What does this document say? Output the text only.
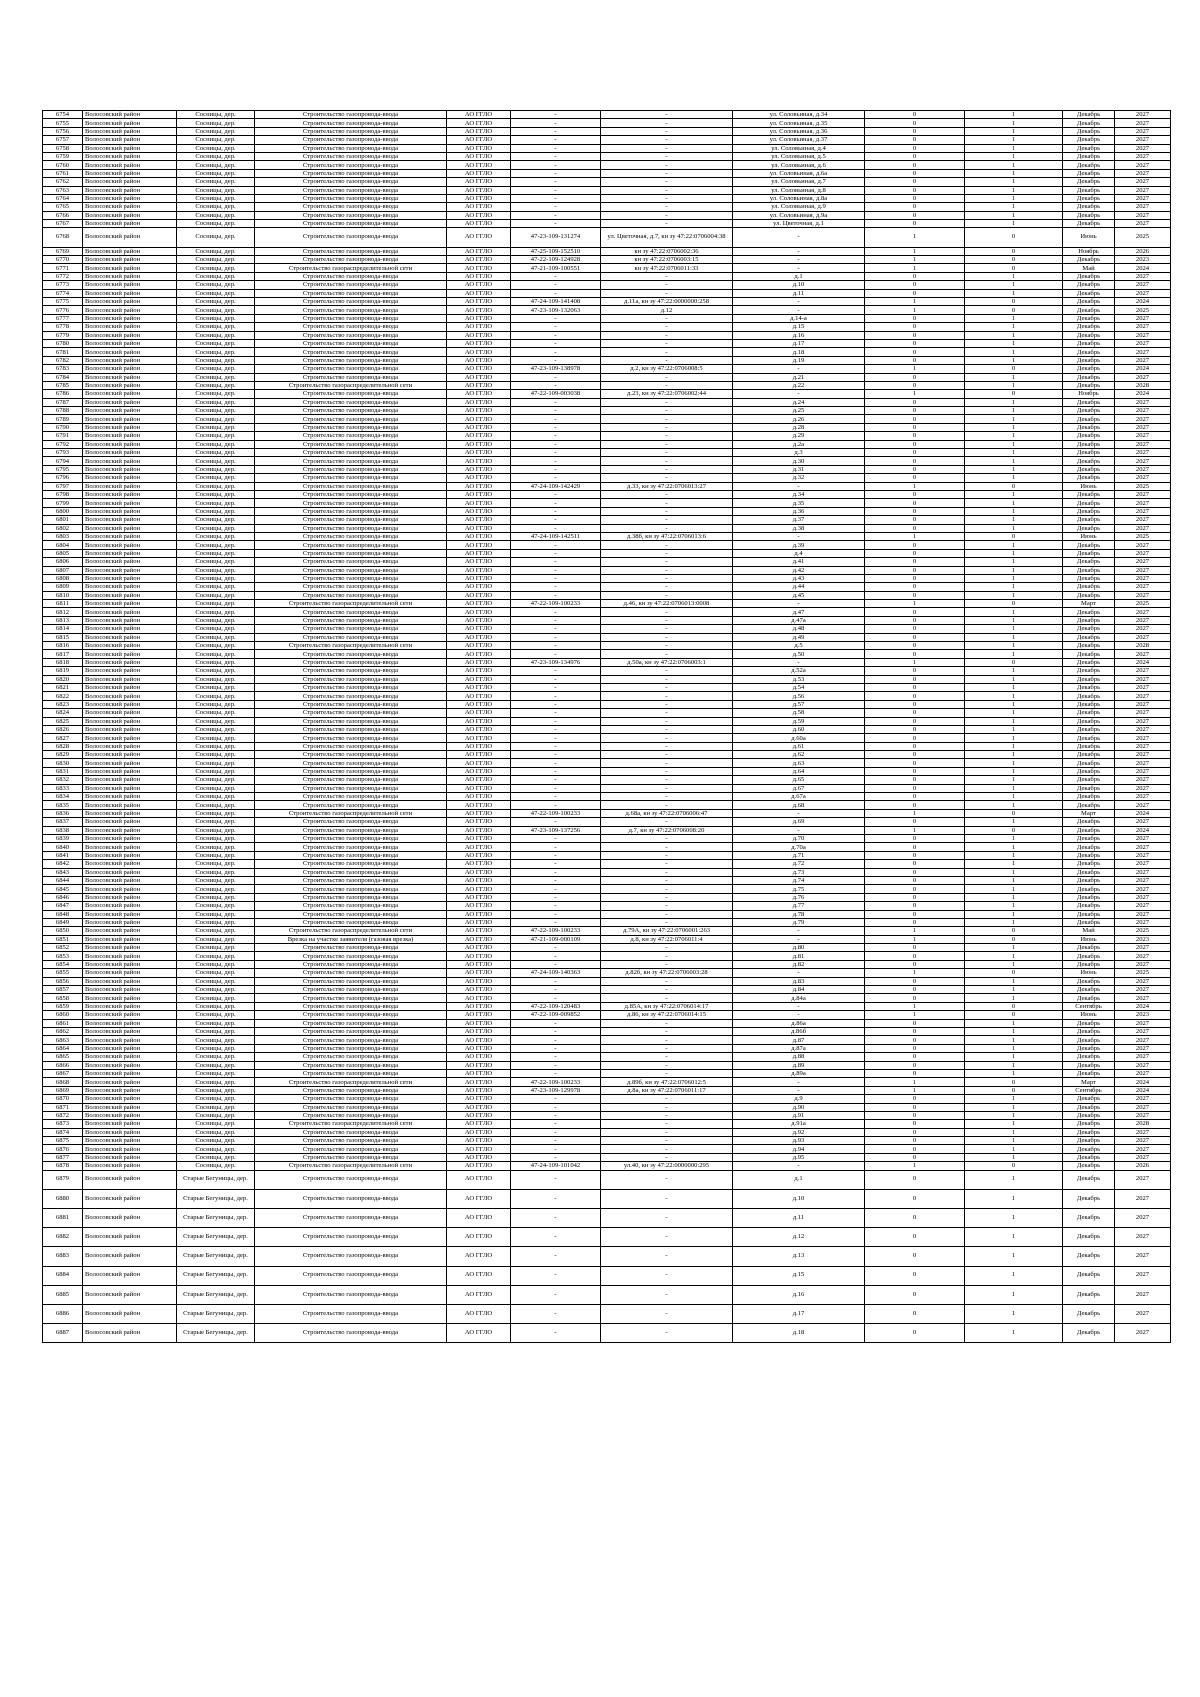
6754	Волосовский район	Сосницы, дер.	Строительство газопровода-ввода	АО ГГЛО	-	-	ул. Соловьиная, д.34	0	1	Декабрь	2027
6755	Волосовский район	Сосницы, дер.	Строительство газопровода-ввода	АО ГГЛО	-	-	ул. Соловьиная, д.35	0	1	Декабрь	2027
6756	Волосовский район	Сосницы, дер.	Строительство газопровода-ввода	АО ГГЛО	-	-	ул. Соловьиная, д.36	0	1	Декабрь	2027
6757	Волосовский район	Сосницы, дер.	Строительство газопровода-ввода	АО ГГЛО	-	-	ул. Соловьиная, д.37	0	1	Декабрь	2027
6758	Волосовский район	Сосницы, дер.	Строительство газопровода-ввода	АО ГГЛО	-	-	ул. Соловьиная, д.4	0	1	Декабрь	2027
6759	Волосовский район	Сосницы, дер.	Строительство газопровода-ввода	АО ГГЛО	-	-	ул. Соловьиная, д.5	0	1	Декабрь	2027
6760	Волосовский район	Сосницы, дер.	Строительство газопровода-ввода	АО ГГЛО	-	-	ул. Соловьиная, д.6	0	1	Декабрь	2027
6761	Волосовский район	Сосницы, дер.	Строительство газопровода-ввода	АО ГГЛО	-	-	ул. Соловьиная, д.6а	0	1	Декабрь	2027
6762	Волосовский район	Сосницы, дер.	Строительство газопровода-ввода	АО ГГЛО	-	-	ул. Соловьиная, д.7	0	1	Декабрь	2027
6763	Волосовский район	Сосницы, дер.	Строительство газопровода-ввода	АО ГГЛО	-	-	ул. Соловьиная, д.8	0	1	Декабрь	2027
6764	Волосовский район	Сосницы, дер.	Строительство газопровода-ввода	АО ГГЛО	-	-	ул. Соловьиная, д.8а	0	1	Декабрь	2027
6765	Волосовский район	Сосницы, дер.	Строительство газопровода-ввода	АО ГГЛО	-	-	ул. Соловьиная, д.9	0	1	Декабрь	2027
6766	Волосовский район	Сосницы, дер.	Строительство газопровода-ввода	АО ГГЛО	-	-	ул. Соловьиная, д.9а	0	1	Декабрь	2027
6767	Волосовский район	Сосницы, дер.	Строительство газопровода-ввода	АО ГГЛО	-	-	ул. Цветочная, д.1	0	1	Декабрь	2027
6768	Волосовский район	Сосницы, дер.	Строительство газопровода-ввода	АО ГГЛО	47-23-109-131274	ул. Цветочная, д.7, кн зу 47:22:0706004:38	-	1	0	Июнь	2025
6769	Волосовский район	Сосницы, дер.	Строительство газопровода-ввода	АО ГГЛО	47-25-109-152510	кн зу 47:22:0706002:36	-	1	0	Ноябрь	2026
6770	Волосовский район	Сосницы, дер.	Строительство газопровода-ввода	АО ГГЛО	47-22-109-124928	кн зу 47:22:0706003:15	-	1	0	Декабрь	2023
6771	Волосовский район	Сосницы, дер.	Строительство газораспределительной сети	АО ГГЛО	47-21-109-100551	кн зу 47:22:0706011:33	-	1	0	Май	2024
6772	Волосовский район	Сосницы, дер.	Строительство газопровода-ввода	АО ГГЛО	-	-	д.1	0	1	Декабрь	2027
6773	Волосовский район	Сосницы, дер.	Строительство газопровода-ввода	АО ГГЛО	-	-	д.10	0	1	Декабрь	2027
6774	Волосовский район	Сосницы, дер.	Строительство газопровода-ввода	АО ГГЛО	-	-	д.11	0	1	Декабрь	2027
6775	Волосовский район	Сосницы, дер.	Строительство газопровода-ввода	АО ГГЛО	47-24-109-141408	д.11а, кн зу 47:22:0000000:258	-	1	0	Декабрь	2024
6776	Волосовский район	Сосницы, дер.	Строительство газопровода-ввода	АО ГГЛО	47-23-109-132063	д.12	-	1	0	Декабрь	2025
6777	Волосовский район	Сосницы, дер.	Строительство газопровода-ввода	АО ГГЛО	-	-	д.14-а	0	1	Декабрь	2027
6778	Волосовский район	Сосницы, дер.	Строительство газопровода-ввода	АО ГГЛО	-	-	д.15	0	1	Декабрь	2027
6779	Волосовский район	Сосницы, дер.	Строительство газопровода-ввода	АО ГГЛО	-	-	д.16	0	1	Декабрь	2027
6780	Волосовский район	Сосницы, дер.	Строительство газопровода-ввода	АО ГГЛО	-	-	д.17	0	1	Декабрь	2027
6781	Волосовский район	Сосницы, дер.	Строительство газопровода-ввода	АО ГГЛО	-	-	д.18	0	1	Декабрь	2027
6782	Волосовский район	Сосницы, дер.	Строительство газопровода-ввода	АО ГГЛО	-	-	д.19	0	1	Декабрь	2027
6783	Волосовский район	Сосницы, дер.	Строительство газопровода-ввода	АО ГГЛО	47-23-109-138978	д.2, кн зу 47:22:0706008:5	-	1	0	Декабрь	2024
6784	Волосовский район	Сосницы, дер.	Строительство газопровода-ввода	АО ГГЛО	-	-	д.21	0	1	Декабрь	2027
6785	Волосовский район	Сосницы, дер.	Строительство газораспределительной сети	АО ГГЛО	-	-	д.22	0	1	Декабрь	2028
6786	Волосовский район	Сосницы, дер.	Строительство газопровода-ввода	АО ГГЛО	47-22-109-003038	д.23, кн зу 47:22:0706002:44	-	1	0	Ноябрь	2024
6787	Волосовский район	Сосницы, дер.	Строительство газопровода-ввода	АО ГГЛО	-	-	д.24	0	1	Декабрь	2027
6788	Волосовский район	Сосницы, дер.	Строительство газопровода-ввода	АО ГГЛО	-	-	д.25	0	1	Декабрь	2027
6789	Волосовский район	Сосницы, дер.	Строительство газопровода-ввода	АО ГГЛО	-	-	д.26	0	1	Декабрь	2027
6790	Волосовский район	Сосницы, дер.	Строительство газопровода-ввода	АО ГГЛО	-	-	д.28	0	1	Декабрь	2027
6791	Волосовский район	Сосницы, дер.	Строительство газопровода-ввода	АО ГГЛО	-	-	д.29	0	1	Декабрь	2027
6792	Волосовский район	Сосницы, дер.	Строительство газопровода-ввода	АО ГГЛО	-	-	д.2а	0	1	Декабрь	2027
6793	Волосовский район	Сосницы, дер.	Строительство газопровода-ввода	АО ГГЛО	-	-	д.3	0	1	Декабрь	2027
6794	Волосовский район	Сосницы, дер.	Строительство газопровода-ввода	АО ГГЛО	-	-	д.30	0	1	Декабрь	2027
6795	Волосовский район	Сосницы, дер.	Строительство газопровода-ввода	АО ГГЛО	-	-	д.31	0	1	Декабрь	2027
6796	Волосовский район	Сосницы, дер.	Строительство газопровода-ввода	АО ГГЛО	-	-	д.32	0	1	Декабрь	2027
6797	Волосовский район	Сосницы, дер.	Строительство газопровода-ввода	АО ГГЛО	47-24-109-142429	д.33, кн зу 47:22:0706013:27	-	1	0	Июнь	2025
6798	Волосовский район	Сосницы, дер.	Строительство газопровода-ввода	АО ГГЛО	-	-	д.34	0	1	Декабрь	2027
6799	Волосовский район	Сосницы, дер.	Строительство газопровода-ввода	АО ГГЛО	-	-	д.35	0	1	Декабрь	2027
6800	Волосовский район	Сосницы, дер.	Строительство газопровода-ввода	АО ГГЛО	-	-	д.36	0	1	Декабрь	2027
6801	Волосовский район	Сосницы, дер.	Строительство газопровода-ввода	АО ГГЛО	-	-	д.37	0	1	Декабрь	2027
6802	Волосовский район	Сосницы, дер.	Строительство газопровода-ввода	АО ГГЛО	-	-	д.38	0	1	Декабрь	2027
6803	Волосовский район	Сосницы, дер.	Строительство газопровода-ввода	АО ГГЛО	47-24-109-142511	д.38б, кн зу 47:22:0706013:6	-	1	0	Июнь	2025
6804	Волосовский район	Сосницы, дер.	Строительство газопровода-ввода	АО ГГЛО	-	-	д.39	0	1	Декабрь	2027
6805	Волосовский район	Сосницы, дер.	Строительство газопровода-ввода	АО ГГЛО	-	-	д.4	0	1	Декабрь	2027
6806	Волосовский район	Сосницы, дер.	Строительство газопровода-ввода	АО ГГЛО	-	-	д.41	0	1	Декабрь	2027
6807	Волосовский район	Сосницы, дер.	Строительство газопровода-ввода	АО ГГЛО	-	-	д.42	0	1	Декабрь	2027
6808	Волосовский район	Сосницы, дер.	Строительство газопровода-ввода	АО ГГЛО	-	-	д.43	0	1	Декабрь	2027
6809	Волосовский район	Сосницы, дер.	Строительство газопровода-ввода	АО ГГЛО	-	-	д.44	0	1	Декабрь	2027
6810	Волосовский район	Сосницы, дер.	Строительство газопровода-ввода	АО ГГЛО	-	-	д.45	0	1	Декабрь	2027
6811	Волосовский район	Сосницы, дер.	Строительство газораспределительной сети	АО ГГЛО	47-22-109-100233	д.46, кн зу 47:22:0706013:0008	-	1	0	Март	2025
6812	Волосовский район	Сосницы, дер.	Строительство газопровода-ввода	АО ГГЛО	-	-	д.47	0	1	Декабрь	2027
6813	Волосовский район	Сосницы, дер.	Строительство газопровода-ввода	АО ГГЛО	-	-	д.47а	0	1	Декабрь	2027
6814	Волосовский район	Сосницы, дер.	Строительство газопровода-ввода	АО ГГЛО	-	-	д.48	0	1	Декабрь	2027
6815	Волосовский район	Сосницы, дер.	Строительство газопровода-ввода	АО ГГЛО	-	-	д.49	0	1	Декабрь	2027
6816	Волосовский район	Сосницы, дер.	Строительство газораспределительной сети	АО ГГЛО	-	-	д.5	0	1	Декабрь	2028
6817	Волосовский район	Сосницы, дер.	Строительство газопровода-ввода	АО ГГЛО	-	-	д.50	0	1	Декабрь	2027
6818	Волосовский район	Сосницы, дер.	Строительство газопровода-ввода	АО ГГЛО	47-23-109-134976	д.50а, кн зу 47:22:0706003:1	-	1	0	Декабрь	2024
6819	Волосовский район	Сосницы, дер.	Строительство газопровода-ввода	АО ГГЛО	-	-	д.52а	0	1	Декабрь	2027
6820	Волосовский район	Сосницы, дер.	Строительство газопровода-ввода	АО ГГЛО	-	-	д.53	0	1	Декабрь	2027
6821	Волосовский район	Сосницы, дер.	Строительство газопровода-ввода	АО ГГЛО	-	-	д.54	0	1	Декабрь	2027
6822	Волосовский район	Сосницы, дер.	Строительство газопровода-ввода	АО ГГЛО	-	-	д.56	0	1	Декабрь	2027
6823	Волосовский район	Сосницы, дер.	Строительство газопровода-ввода	АО ГГЛО	-	-	д.57	0	1	Декабрь	2027
6824	Волосовский район	Сосницы, дер.	Строительство газопровода-ввода	АО ГГЛО	-	-	д.58	0	1	Декабрь	2027
6825	Волосовский район	Сосницы, дер.	Строительство газопровода-ввода	АО ГГЛО	-	-	д.59	0	1	Декабрь	2027
6826	Волосовский район	Сосницы, дер.	Строительство газопровода-ввода	АО ГГЛО	-	-	д.60	0	1	Декабрь	2027
6827	Волосовский район	Сосницы, дер.	Строительство газопровода-ввода	АО ГГЛО	-	-	д.60а	0	1	Декабрь	2027
6828	Волосовский район	Сосницы, дер.	Строительство газопровода-ввода	АО ГГЛО	-	-	д.61	0	1	Декабрь	2027
6829	Волосовский район	Сосницы, дер.	Строительство газопровода-ввода	АО ГГЛО	-	-	д.62	0	1	Декабрь	2027
6830	Волосовский район	Сосницы, дер.	Строительство газопровода-ввода	АО ГГЛО	-	-	д.63	0	1	Декабрь	2027
6831	Волосовский район	Сосницы, дер.	Строительство газопровода-ввода	АО ГГЛО	-	-	д.64	0	1	Декабрь	2027
6832	Волосовский район	Сосницы, дер.	Строительство газопровода-ввода	АО ГГЛО	-	-	д.65	0	1	Декабрь	2027
6833	Волосовский район	Сосницы, дер.	Строительство газопровода-ввода	АО ГГЛО	-	-	д.67	0	1	Декабрь	2027
6834	Волосовский район	Сосницы, дер.	Строительство газопровода-ввода	АО ГГЛО	-	-	д.67а	0	1	Декабрь	2027
6835	Волосовский район	Сосницы, дер.	Строительство газопровода-ввода	АО ГГЛО	-	-	д.68	0	1	Декабрь	2027
6836	Волосовский район	Сосницы, дер.	Строительство газораспределительной сети	АО ГГЛО	47-22-109-100233	д.68а, кн зу 47:22:0706006:47	-	1	0	Март	2024
6837	Волосовский район	Сосницы, дер.	Строительство газопровода-ввода	АО ГГЛО	-	-	д.69	0	1	Декабрь	2027
6838	Волосовский район	Сосницы, дер.	Строительство газопровода-ввода	АО ГГЛО	47-23-109-137256	д.7, кн зу 47:22:0706008:20	-	1	0	Декабрь	2024
6839	Волосовский район	Сосницы, дер.	Строительство газопровода-ввода	АО ГГЛО	-	-	д.70	0	1	Декабрь	2027
6840	Волосовский район	Сосницы, дер.	Строительство газопровода-ввода	АО ГГЛО	-	-	д.70а	0	1	Декабрь	2027
6841	Волосовский район	Сосницы, дер.	Строительство газопровода-ввода	АО ГГЛО	-	-	д.71	0	1	Декабрь	2027
6842	Волосовский район	Сосницы, дер.	Строительство газопровода-ввода	АО ГГЛО	-	-	д.72	0	1	Декабрь	2027
6843	Волосовский район	Сосницы, дер.	Строительство газопровода-ввода	АО ГГЛО	-	-	д.73	0	1	Декабрь	2027
6844	Волосовский район	Сосницы, дер.	Строительство газопровода-ввода	АО ГГЛО	-	-	д.74	0	1	Декабрь	2027
6845	Волосовский район	Сосницы, дер.	Строительство газопровода-ввода	АО ГГЛО	-	-	д.75	0	1	Декабрь	2027
6846	Волосовский район	Сосницы, дер.	Строительство газопровода-ввода	АО ГГЛО	-	-	д.76	0	1	Декабрь	2027
6847	Волосовский район	Сосницы, дер.	Строительство газопровода-ввода	АО ГГЛО	-	-	д.77	0	1	Декабрь	2027
6848	Волосовский район	Сосницы, дер.	Строительство газопровода-ввода	АО ГГЛО	-	-	д.78	0	1	Декабрь	2027
6849	Волосовский район	Сосницы, дер.	Строительство газопровода-ввода	АО ГГЛО	-	-	д.79	0	1	Декабрь	2027
6850	Волосовский район	Сосницы, дер.	Строительство газораспределительной сети	АО ГГЛО	47-22-109-100233	д.79А, кн зу 47:22:0706001:263	-	1	0	Май	2025
6851	Волосовский район	Сосницы, дер.	Врезка на участке заявителя (газовая врезка)	АО ГГЛО	47-21-109-000109	д.8, кн зу 47:22:0706011:4	-	1	0	Июнь	2023
6852	Волосовский район	Сосницы, дер.	Строительство газопровода-ввода	АО ГГЛО	-	-	д.80	0	1	Декабрь	2027
6853	Волосовский район	Сосницы, дер.	Строительство газопровода-ввода	АО ГГЛО	-	-	д.81	0	1	Декабрь	2027
6854	Волосовский район	Сосницы, дер.	Строительство газопровода-ввода	АО ГГЛО	-	-	д.82	0	1	Декабрь	2027
6855	Волосовский район	Сосницы, дер.	Строительство газопровода-ввода	АО ГГЛО	47-24-109-140363	д.82б, кн зу 47:22:0706003:28	-	1	0	Июнь	2025
6856	Волосовский район	Сосницы, дер.	Строительство газопровода-ввода	АО ГГЛО	-	-	д.83	0	1	Декабрь	2027
6857	Волосовский район	Сосницы, дер.	Строительство газопровода-ввода	АО ГГЛО	-	-	д.84	0	1	Декабрь	2027
6858	Волосовский район	Сосницы, дер.	Строительство газопровода-ввода	АО ГГЛО	-	-	д.84а	0	1	Декабрь	2027
6859	Волосовский район	Сосницы, дер.	Строительство газопровода-ввода	АО ГГЛО	47-22-109-120483	д.85А, кн зу 47:22:0706014:17	-	1	0	Сентябрь	2024
6860	Волосовский район	Сосницы, дер.	Строительство газопровода-ввода	АО ГГЛО	47-22-109-009852	д.86, кн зу 47:22:0706014:15	-	1	0	Июнь	2023
6861	Волосовский район	Сосницы, дер.	Строительство газопровода-ввода	АО ГГЛО	-	-	д.86а	0	1	Декабрь	2027
6862	Волосовский район	Сосницы, дер.	Строительство газопровода-ввода	АО ГГЛО	-	-	д.86б	0	1	Декабрь	2027
6863	Волосовский район	Сосницы, дер.	Строительство газопровода-ввода	АО ГГЛО	-	-	д.87	0	1	Декабрь	2027
6864	Волосовский район	Сосницы, дер.	Строительство газопровода-ввода	АО ГГЛО	-	-	д.87а	0	1	Декабрь	2027
6865	Волосовский район	Сосницы, дер.	Строительство газопровода-ввода	АО ГГЛО	-	-	д.88	0	1	Декабрь	2027
6866	Волосовский район	Сосницы, дер.	Строительство газопровода-ввода	АО ГГЛО	-	-	д.89	0	1	Декабрь	2027
6867	Волосовский район	Сосницы, дер.	Строительство газопровода-ввода	АО ГГЛО	-	-	д.89а	0	1	Декабрь	2027
6868	Волосовский район	Сосницы, дер.	Строительство газораспределительной сети	АО ГГЛО	47-22-109-100233	д.89б, кн зу 47:22:0706012:5	-	1	0	Март	2024
6869	Волосовский район	Сосницы, дер.	Строительство газопровода-ввода	АО ГГЛО	47-23-109-129978	д.8а, кн зу 47:22:0706011:17	-	1	0	Сентябрь	2024
6870	Волосовский район	Сосницы, дер.	Строительство газопровода-ввода	АО ГГЛО	-	-	д.9	0	1	Декабрь	2027
6871	Волосовский район	Сосницы, дер.	Строительство газопровода-ввода	АО ГГЛО	-	-	д.90	0	1	Декабрь	2027
6872	Волосовский район	Сосницы, дер.	Строительство газопровода-ввода	АО ГГЛО	-	-	д.91	0	1	Декабрь	2027
6873	Волосовский район	Сосницы, дер.	Строительство газораспределительной сети	АО ГГЛО	-	-	д.91а	0	1	Декабрь	2028
6874	Волосовский район	Сосницы, дер.	Строительство газопровода-ввода	АО ГГЛО	-	-	д.92	0	1	Декабрь	2027
6875	Волосовский район	Сосницы, дер.	Строительство газопровода-ввода	АО ГГЛО	-	-	д.93	0	1	Декабрь	2027
6876	Волосовский район	Сосницы, дер.	Строительство газопровода-ввода	АО ГГЛО	-	-	д.94	0	1	Декабрь	2027
6877	Волосовский район	Сосницы, дер.	Строительство газопровода-ввода	АО ГГЛО	-	-	д.95	0	1	Декабрь	2027
6878	Волосовский район	Сосницы, дер.	Строительство газораспределительной сети	АО ГГЛО	47-24-109-101042	ул.40, кн зу 47:22:0000000:295	-	1	0	Декабрь	2026
6879	Волосовский район	Старые Бегуницы, дер.	Строительство газопровода-ввода	АО ГГЛО	-	-	д.1	0	1	Декабрь	2027
6880	Волосовский район	Старые Бегуницы, дер.	Строительство газопровода-ввода	АО ГГЛО	-	-	д.10	0	1	Декабрь	2027
6881	Волосовский район	Старые Бегуницы, дер.	Строительство газопровода-ввода	АО ГГЛО	-	-	д.11	0	1	Декабрь	2027
6882	Волосовский район	Старые Бегуницы, дер.	Строительство газопровода-ввода	АО ГГЛО	-	-	д.12	0	1	Декабрь	2027
6883	Волосовский район	Старые Бегуницы, дер.	Строительство газопровода-ввода	АО ГГЛО	-	-	д.13	0	1	Декабрь	2027
6884	Волосовский район	Старые Бегуницы, дер.	Строительство газопровода-ввода	АО ГГЛО	-	-	д.15	0	1	Декабрь	2027
6885	Волосовский район	Старые Бегуницы, дер.	Строительство газопровода-ввода	АО ГГЛО	-	-	д.16	0	1	Декабрь	2027
6886	Волосовский район	Старые Бегуницы, дер.	Строительство газопровода-ввода	АО ГГЛО	-	-	д.17	0	1	Декабрь	2027
6887	Волосовский район	Старые Бегуницы, дер.	Строительство газопровода-ввода	АО ГГЛО	-	-	д.18	0	1	Декабрь	2027
